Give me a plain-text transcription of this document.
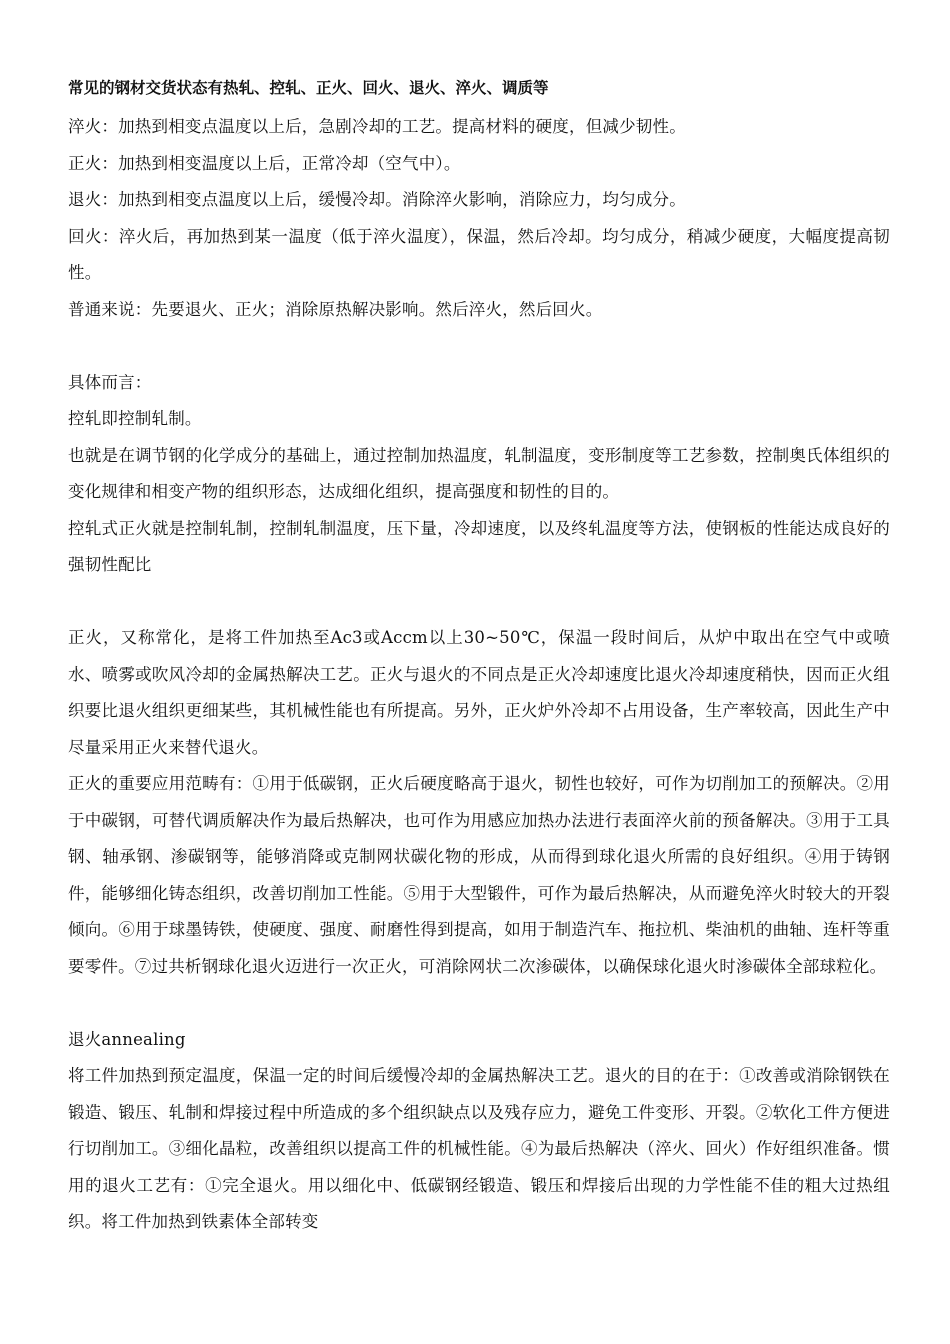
常见的钢材交货状态有热轧、控轧、正火、回火、退火、淬火、调质等

淬火：加热到相变点温度以上后，急剧冷却的工艺。提高材料的硬度，但减少韧性。

正火：加热到相变温度以上后，正常冷却（空气中）。

退火：加热到相变点温度以上后，缓慢冷却。消除淬火影响，消除应力，均匀成分。

回火：淬火后，再加热到某一温度（低于淬火温度），保温，然后冷却。均匀成分，稍减少硬度，大幅度提高韧性。

普通来说：先要退火、正火；消除原热解决影响。然后淬火，然后回火。

具体而言：

控轧即控制轧制。

也就是在调节钢的化学成分的基础上，通过控制加热温度，轧制温度，变形制度等工艺参数，控制奥氏体组织的变化规律和相变产物的组织形态，达成细化组织，提高强度和韧性的目的。

控轧式正火就是控制轧制，控制轧制温度，压下量，冷却速度，以及终轧温度等方法，使钢板的性能达成良好的强韧性配比

正火，又称常化，是将工件加热至Ac3或Accm以上30~50℃，保温一段时间后，从炉中取出在空气中或喷水、喷雾或吹风冷却的金属热解决工艺。正火与退火的不同点是正火冷却速度比退火冷却速度稍快，因而正火组织要比退火组织更细某些，其机械性能也有所提高。另外，正火炉外冷却不占用设备，生产率较高，因此生产中尽量采用正火来替代退火。

正火的重要应用范畴有：①用于低碳钢，正火后硬度略高于退火，韧性也较好，可作为切削加工的预解决。②用于中碳钢，可替代调质解决作为最后热解决，也可作为用感应加热办法进行表面淬火前的预备解决。③用于工具钢、轴承钢、渗碳钢等，能够消降或克制网状碳化物的形成，从而得到球化退火所需的良好组织。④用于铸钢件，能够细化铸态组织，改善切削加工性能。⑤用于大型锻件，可作为最后热解决，从而避免淬火时较大的开裂倾向。⑥用于球墨铸铁，使硬度、强度、耐磨性得到提高，如用于制造汽车、拖拉机、柴油机的曲轴、连杆等重要零件。⑦过共析钢球化退火迈进行一次正火，可消除网状二次渗碳体，以确保球化退火时渗碳体全部球粒化。

退火annealing

将工件加热到预定温度，保温一定的时间后缓慢冷却的金属热解决工艺。退火的目的在于：①改善或消除钢铁在锻造、锻压、轧制和焊接过程中所造成的多个组织缺点以及残存应力，避免工件变形、开裂。②软化工件方便进行切削加工。③细化晶粒，改善组织以提高工件的机械性能。④为最后热解决（淬火、回火）作好组织准备。惯用的退火工艺有：①完全退火。用以细化中、低碳钢经锻造、锻压和焊接后出现的力学性能不佳的粗大过热组织。将工件加热到铁素体全部转变
